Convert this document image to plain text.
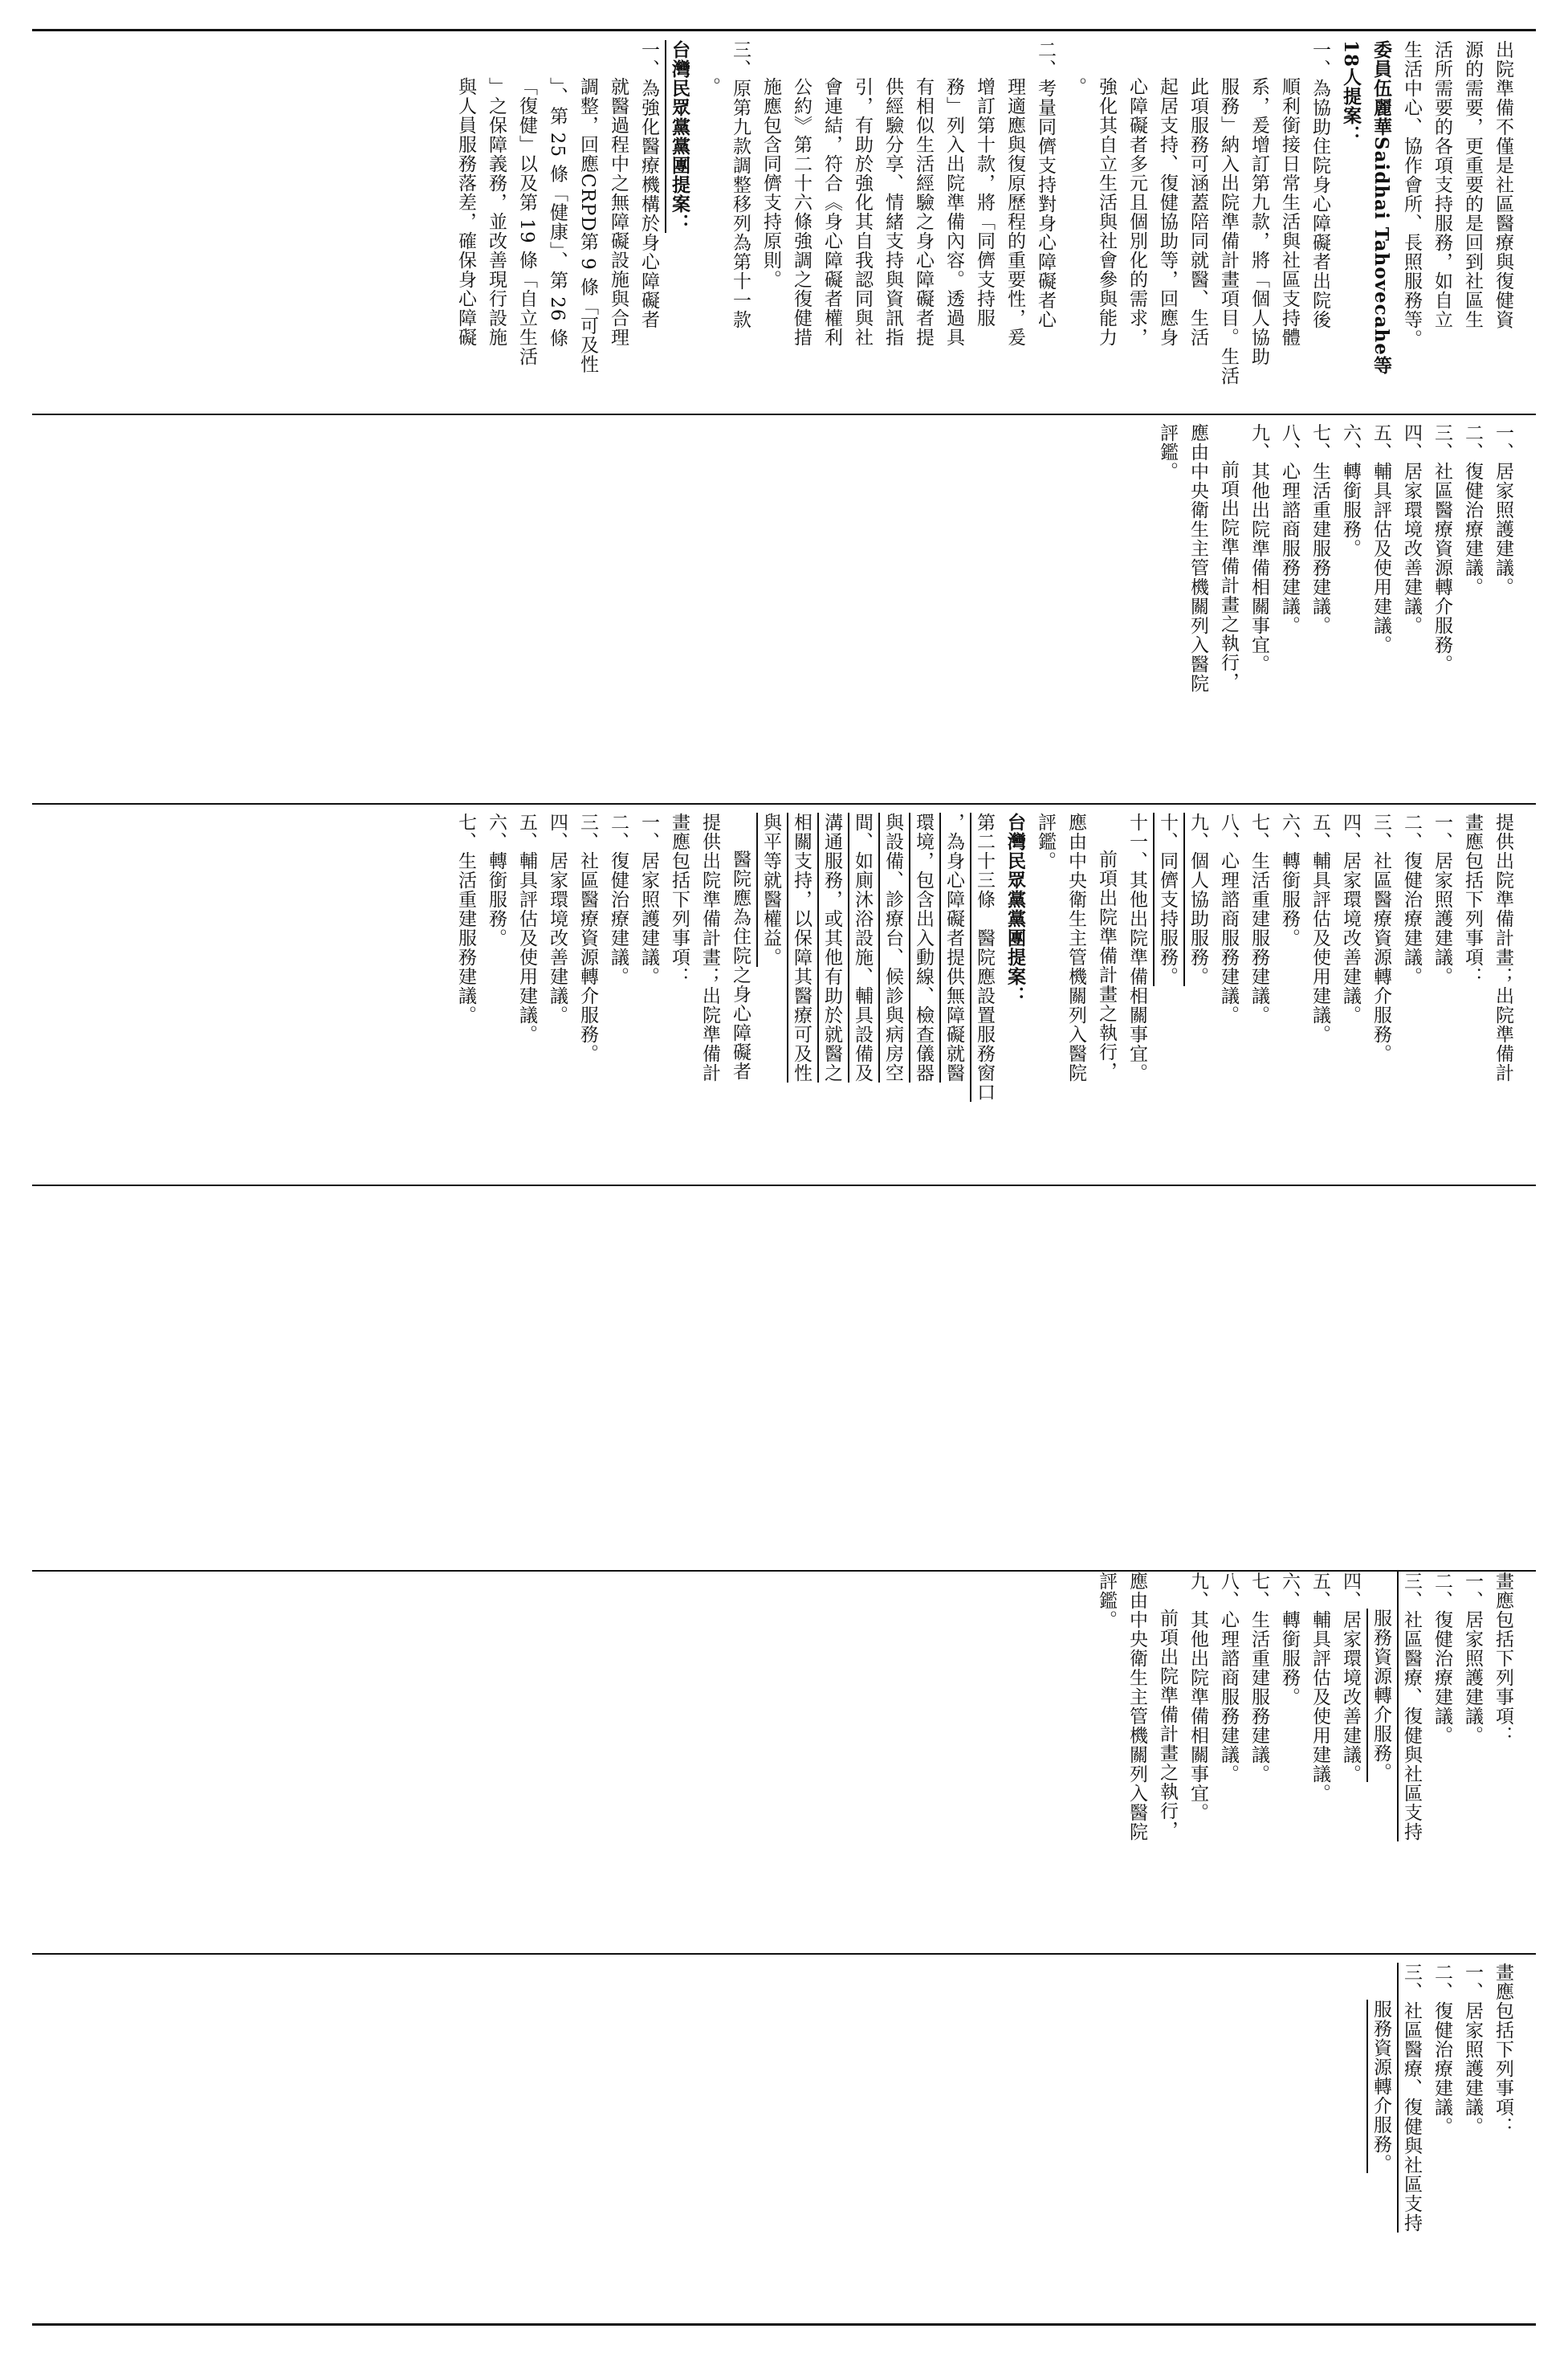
出院準備不僅是社區醫療與復健資
源的需要，更重要的是回到社區生
活所需要的各項支持服務，如自立
生活中心、協作會所、長照服務等。
委員伍麗華Saidhai Tahovecahe等
18人提案：
一、為協助住院身心障礙者出院後
順利銜接日常生活與社區支持體
系，爰增訂第九款，將「個人協助
服務」納入出院準備計畫項目。生活
此項服務可涵蓋陪同就醫、生活
起居支持、復健協助等，回應身
心障礙者多元且個別化的需求，
強化其自立生活與社會參與能力
。
二、考量同儕支持對身心障礙者心
理適應與復原歷程的重要性，爰
增訂第十款，將「同儕支持服
務」列入出院準備內容。透過具
有相似生活經驗之身心障礙者提
供經驗分享、情緒支持與資訊指
引，有助於強化其自我認同與社
會連結，符合《身心障礙者權利
公約》第二十六條強調之復健措
施應包含同儕支持原則。
三、原第九款調整移列為第十一款
。
台灣民眾黨黨團提案：
一、為強化醫療機構於身心障礙者
就醫過程中之無障礙設施與合理
調整，回應CRPD第 9 條「可及性
」、第 25 條「健康」、第 26 條
「復健」以及第 19 條「自立生活
」之保障義務，並改善現行設施
與人員服務落差，確保身心障礙
一、居家照護建議。
二、復健治療建議。
三、社區醫療資源轉介服務。
四、居家環境改善建議。
五、輔具評估及使用建議。
六、轉銜服務。
七、生活重建服務建議。
八、心理諮商服務建議。
九、其他出院準備相關事宜。
前項出院準備計畫之執行，
應由中央衛生主管機關列入醫院
評鑑。
提供出院準備計畫；出院準備計
畫應包括下列事項：
一、居家照護建議。
二、復健治療建議。
三、社區醫療資源轉介服務。
四、居家環境改善建議。
五、輔具評估及使用建議。
六、轉銜服務。
七、生活重建服務建議。
八、心理諮商服務建議。
九、個人協助服務。
十、同儕支持服務。
十一、其他出院準備相關事宜。
前項出院準備計畫之執行，
應由中央衛生主管機關列入醫院
評鑑。
台灣民眾黨黨團提案：
第二十三條　醫院應設置服務窗口
，為身心障礙者提供無障礙就醫
環境，包含出入動線、檢查儀器
與設備、診療台、候診與病房空
間、如廁沐浴設施、輔具設備及
溝通服務，或其他有助於就醫之
相關支持，以保障其醫療可及性
與平等就醫權益。
醫院應為住院之身心障礙者
提供出院準備計畫；出院準備計
畫應包括下列事項：
一、居家照護建議。
二、復健治療建議。
三、社區醫療資源轉介服務。
四、居家環境改善建議。
五、輔具評估及使用建議。
六、轉銜服務。
七、生活重建服務建議。
畫應包括下列事項：
一、居家照護建議。
二、復健治療建議。
三、社區醫療、復健與社區支持
服務資源轉介服務。
四、居家環境改善建議。
五、輔具評估及使用建議。
六、轉銜服務。
七、生活重建服務建議。
八、心理諮商服務建議。
九、其他出院準備相關事宜。
前項出院準備計畫之執行，
應由中央衛生主管機關列入醫院
評鑑。
畫應包括下列事項：
一、居家照護建議。
二、復健治療建議。
三、社區醫療、復健與社區支持
服務資源轉介服務。
